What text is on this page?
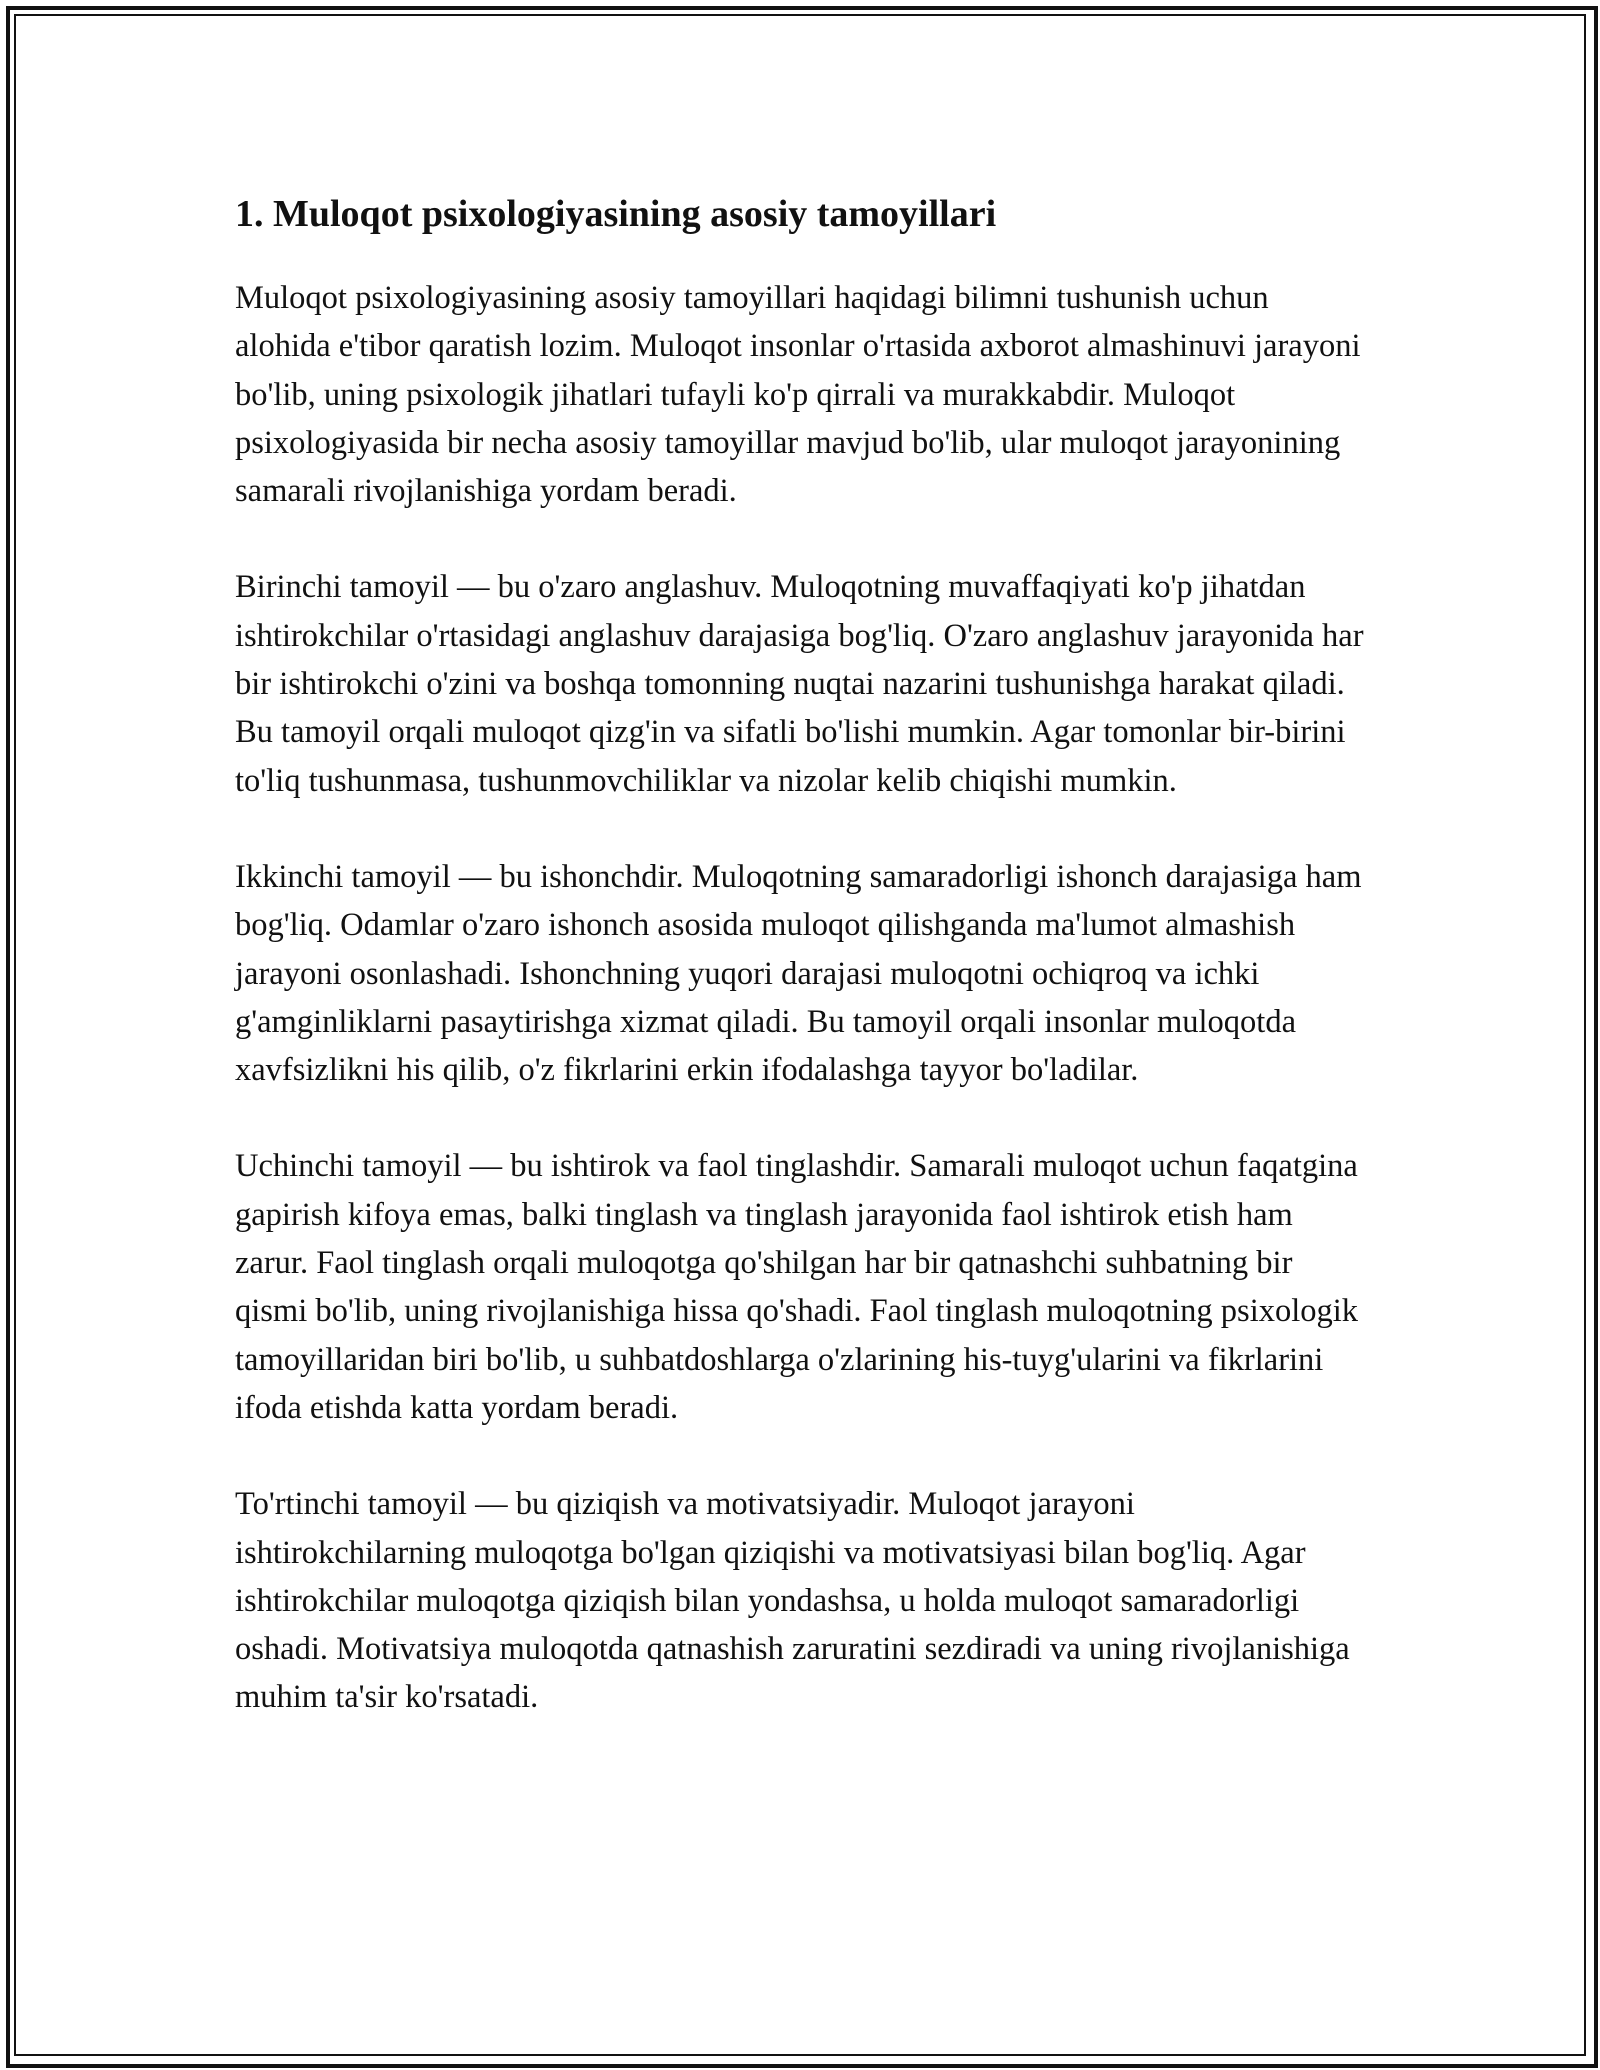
1. Muloqot psixologiyasining asosiy tamoyillari

Muloqot psixologiyasining asosiy tamoyillari haqidagi bilimni tushunish uchun alohida e'tibor qaratish lozim. Muloqot insonlar o'rtasida axborot almashinuvi jarayoni bo'lib, uning psixologik jihatlari tufayli ko'p qirrali va murakkabdir. Muloqot psixologiyasida bir necha asosiy tamoyillar mavjud bo'lib, ular muloqot jarayonining samarali rivojlanishiga yordam beradi.

Birinchi tamoyil — bu o'zaro anglashuv. Muloqotning muvaffaqiyati ko'p jihatdan ishtirokchilar o'rtasidagi anglashuv darajasiga bog'liq. O'zaro anglashuv jarayonida har bir ishtirokchi o'zini va boshqa tomonning nuqtai nazarini tushunishga harakat qiladi. Bu tamoyil orqali muloqot qizg'in va sifatli bo'lishi mumkin. Agar tomonlar bir-birini to'liq tushunmasa, tushunmovchiliklar va nizolar kelib chiqishi mumkin.

Ikkinchi tamoyil — bu ishonchdir. Muloqotning samaradorligi ishonch darajasiga ham bog'liq. Odamlar o'zaro ishonch asosida muloqot qilishganda ma'lumot almashish jarayoni osonlashadi. Ishonchning yuqori darajasi muloqotni ochiqroq va ichki g'amginliklarni pasaytirishga xizmat qiladi. Bu tamoyil orqali insonlar muloqotda xavfsizlikni his qilib, o'z fikrlarini erkin ifodalashga tayyor bo'ladilar.

Uchinchi tamoyil — bu ishtirok va faol tinglashdir. Samarali muloqot uchun faqatgina gapirish kifoya emas, balki tinglash va tinglash jarayonida faol ishtirok etish ham zarur. Faol tinglash orqali muloqotga qo'shilgan har bir qatnashchi suhbatning bir qismi bo'lib, uning rivojlanishiga hissa qo'shadi. Faol tinglash muloqotning psixologik tamoyillaridan biri bo'lib, u suhbatdoshlarga o'zlarining his-tuyg'ularini va fikrlarini ifoda etishda katta yordam beradi.

To'rtinchi tamoyil — bu qiziqish va motivatsiyadir. Muloqot jarayoni ishtirokchilarning muloqotga bo'lgan qiziqishi va motivatsiyasi bilan bog'liq. Agar ishtirokchilar muloqotga qiziqish bilan yondashsa, u holda muloqot samaradorligi oshadi. Motivatsiya muloqotda qatnashish zaruratini sezdiradi va uning rivojlanishiga muhim ta'sir ko'rsatadi.
